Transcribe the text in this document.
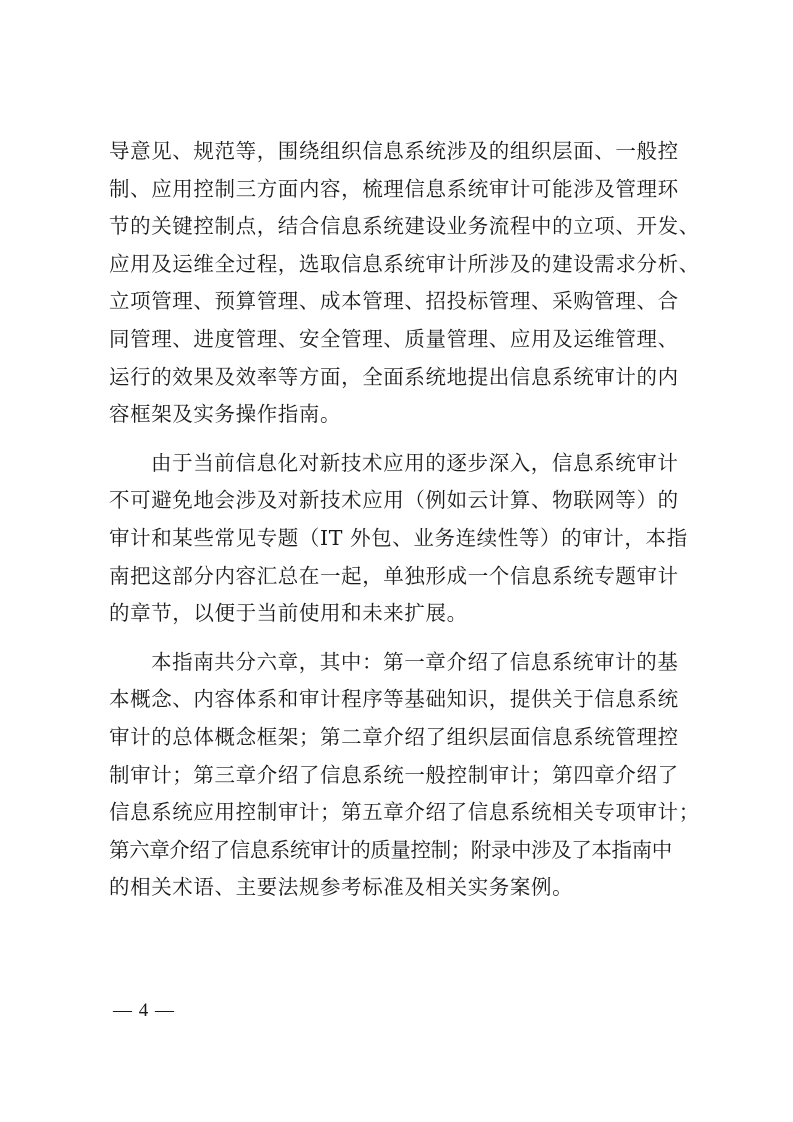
导意见、规范等，围绕组织信息系统涉及的组织层面、一般控
制、应用控制三方面内容，梳理信息系统审计可能涉及管理环
节的关键控制点，结合信息系统建设业务流程中的立项、开发、
应用及运维全过程，选取信息系统审计所涉及的建设需求分析、
立项管理、预算管理、成本管理、招投标管理、采购管理、合
同管理、进度管理、安全管理、质量管理、应用及运维管理、
运行的效果及效率等方面，全面系统地提出信息系统审计的内
容框架及实务操作指南。
由于当前信息化对新技术应用的逐步深入，信息系统审计
不可避免地会涉及对新技术应用（例如云计算、物联网等）的
审计和某些常见专题（IT 外包、业务连续性等）的审计，本指
南把这部分内容汇总在一起，单独形成一个信息系统专题审计
的章节，以便于当前使用和未来扩展。
本指南共分六章，其中：第一章介绍了信息系统审计的基
本概念、内容体系和审计程序等基础知识，提供关于信息系统
审计的总体概念框架；第二章介绍了组织层面信息系统管理控
制审计；第三章介绍了信息系统一般控制审计；第四章介绍了
信息系统应用控制审计；第五章介绍了信息系统相关专项审计；
第六章介绍了信息系统审计的质量控制；附录中涉及了本指南中
的相关术语、主要法规参考标准及相关实务案例。
— 4 —
